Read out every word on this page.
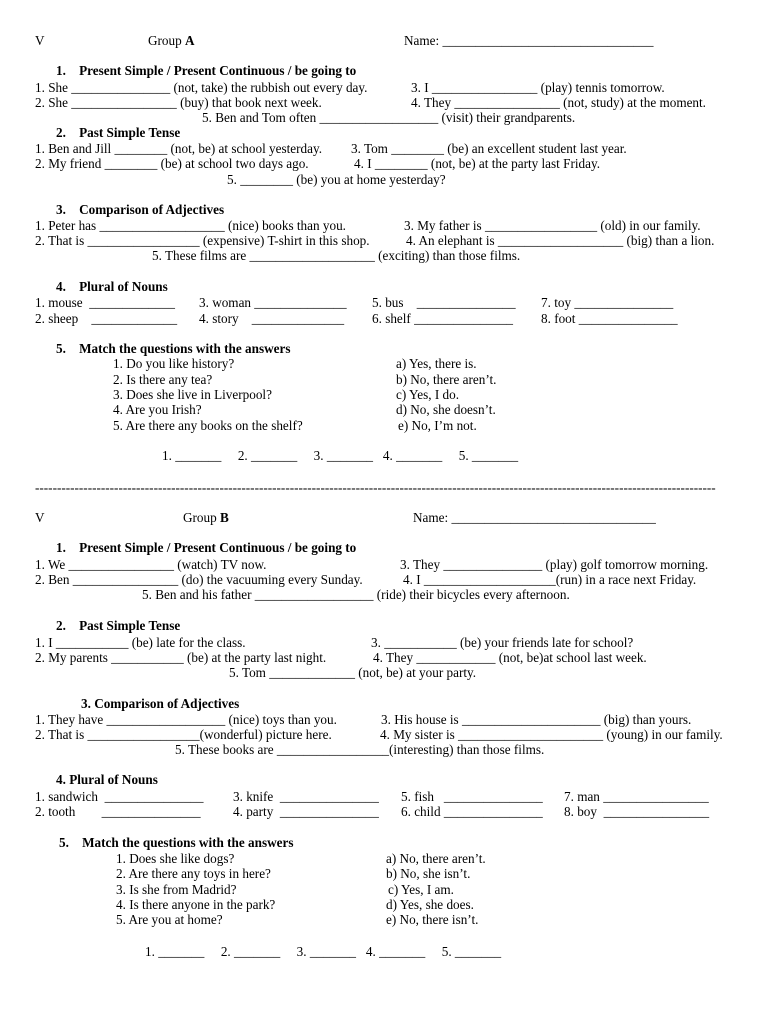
V	Group A	Name: ________________________________
1.    Present Simple / Present Continuous / be going to
1. She _______________ (not, take) the rubbish out every day.	3. I ________________ (play) tennis tomorrow.
2. She ________________ (buy) that book next week.	4. They ________________ (not, study) at the moment.
5. Ben and Tom often __________________ (visit) their grandparents.
2.    Past Simple Tense
1. Ben and Jill ________ (not, be) at school yesterday. 3. Tom ________ (be) an excellent student last year.
2. My friend ________ (be) at school two days ago.	4. I ________ (not, be) at the party last Friday.
5. ________ (be) you at home yesterday?
3.    Comparison of Adjectives
1. Peter has ___________________ (nice) books than you.	3. My father is _________________ (old) in our family.
2. That is _________________ (expensive) T-shirt in this shop.	4. An elephant is ___________________ (big) than a lion.
5. These films are ___________________ (exciting) than those films.
4.    Plural of Nouns
1. mouse  _____________ 3. woman ______________ 5. bus    _______________ 7. toy _______________
2. sheep    _____________ 4. story    ______________ 6. shelf _______________ 8. foot _______________
5.    Match the questions with the answers
1. Do you like history?
2. Is there any tea?
3. Does she live in Liverpool?
4. Are you Irish?
5. Are there any books on the shelf?
a) Yes, there is.
b) No, there aren’t.
c) Yes, I do.
d) No, she doesn’t.
e) No, I’m not.
1. _______     2. _______     3. _______   4. _______     5. _______
-----------------------------------------------------------------------------------------------------------------------------------------------------------
V	Group B	Name: _______________________________
1.    Present Simple / Present Continuous / be going to
1. We ________________ (watch) TV now.	3. They _______________ (play) golf tomorrow morning.
2. Ben ________________ (do) the vacuuming every Sunday.	4. I ____________________(run) in a race next Friday.
5. Ben and his father __________________ (ride) their bicycles every afternoon.
2.    Past Simple Tense
1. I ___________ (be) late for the class.	3. ___________ (be) your friends late for school?
2. My parents ___________ (be) at the party last night.	4. They ____________ (not, be)at school last week.
5. Tom _____________ (not, be) at your party.
3. Comparison of Adjectives
1. They have __________________ (nice) toys than you.	3. His house is _____________________ (big) than yours.
2. That is _________________(wonderful) picture here.	4. My sister is ______________________ (young) in our family.
5. These books are _________________(interesting) than those films.
4. Plural of Nouns
1. sandwich  _______________ 3. knife  _______________ 5. fish   _______________ 7. man ________________
2. tooth        _______________ 4. party  _______________ 6. child _______________ 8. boy  ________________
5.    Match the questions with the answers
1. Does she like dogs?
2. Are there any toys in here?
3. Is she from Madrid?
4. Is there anyone in the park?
5. Are you at home?
a) No, there aren’t.
b) No, she isn’t.
c) Yes, I am.
d) Yes, she does.
e) No, there isn’t.
1. _______     2. _______     3. _______   4. _______     5. _______
